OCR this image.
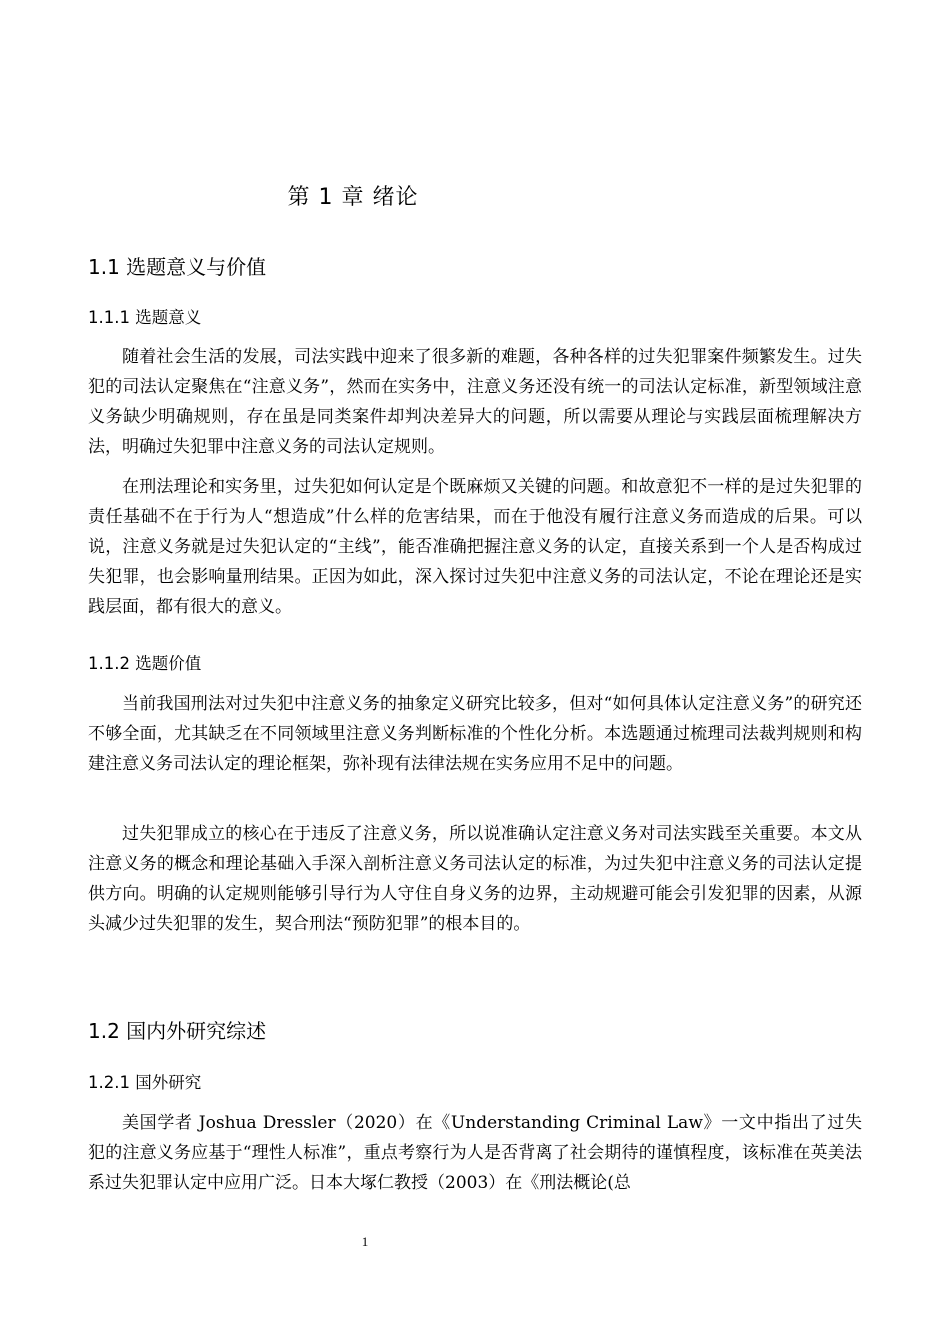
第 1 章 绪论
1.1 选题意义与价值
1.1.1 选题意义

随着社会生活的发展，司法实践中迎来了很多新的难题，各种各样的过失犯罪案件频繁发生。过失犯的司法认定聚焦在“注意义务”，然而在实务中，注意义务还没有统一的司法认定标准，新型领域注意义务缺少明确规则，存在虽是同类案件却判决差异大的问题，所以需要从理论与实践层面梳理解决方法，明确过失犯罪中注意义务的司法认定规则。

在刑法理论和实务里，过失犯如何认定是个既麻烦又关键的问题。和故意犯不一样的是过失犯罪的责任基础不在于行为人“想造成”什么样的危害结果，而在于他没有履行注意义务而造成的后果。可以说，注意义务就是过失犯认定的“主线”，能否准确把握注意义务的认定，直接关系到一个人是否构成过失犯罪，也会影响量刑结果。正因为如此，深入探讨过失犯中注意义务的司法认定，不论在理论还是实践层面，都有很大的意义。

1.1.2 选题价值

当前我国刑法对过失犯中注意义务的抽象定义研究比较多，但对“如何具体认定注意义务”的研究还不够全面，尤其缺乏在不同领域里注意义务判断标准的个性化分析。本选题通过梳理司法裁判规则和构建注意义务司法认定的理论框架，弥补现有法律法规在实务应用不足中的问题。

过失犯罪成立的核心在于违反了注意义务，所以说准确认定注意义务对司法实践至关重要。本文从注意义务的概念和理论基础入手深入剖析注意义务司法认定的标准，为过失犯中注意义务的司法认定提供方向。明确的认定规则能够引导行为人守住自身义务的边界，主动规避可能会引发犯罪的因素，从源头减少过失犯罪的发生，契合刑法“预防犯罪”的根本目的。

1.2 国内外研究综述
1.2.1 国外研究

美国学者 Joshua Dressler（2020）在《Understanding Criminal Law》一文中指出了过失犯的注意义务应基于“理性人标准”，重点考察行为人是否背离了社会期待的谨慎程度，该标准在英美法系过失犯罪认定中应用广泛。日本大塚仁教授（2003）在《刑法概论(总

1
